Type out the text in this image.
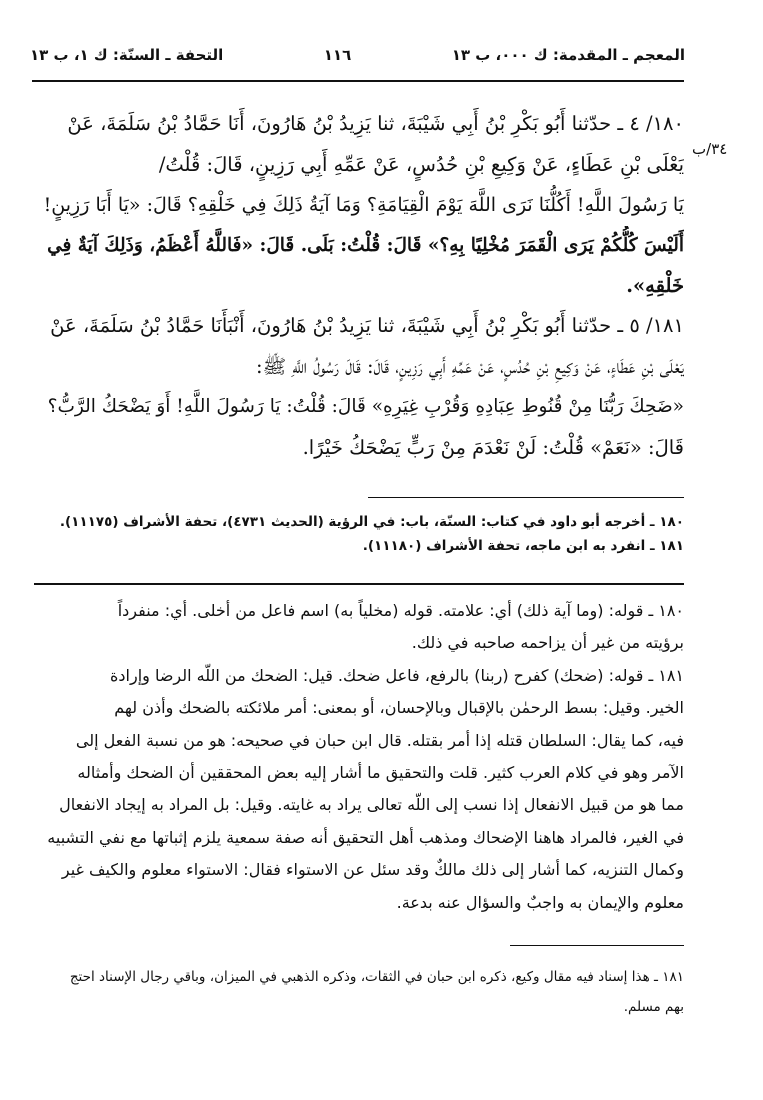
المعجم ـ المقدمة: ك ٠٠٠، ب ١٣
١١٦
التحفة ـ السنّة: ك ١، ب ١٣
٣٤/ب
١٨٠/ ٤ ـ حدّثنا أَبُو بَكْرِ بْنُ أَبِي شَيْبَةَ، ثنا يَزِيدُ بْنُ هَارُونَ، أَنَا حَمَّادُ بْنُ سَلَمَةَ، عَنْ
يَعْلَى بْنِ عَطَاءٍ، عَنْ وَكِيعِ بْنِ حُدُسٍ، عَنْ عَمِّهِ أَبِي رَزِينٍ، قَالَ: قُلْتُ/
يَا رَسُولَ اللَّهِ! أَكُلُّنَا نَرَى اللَّهَ يَوْمَ الْقِيَامَةِ؟ وَمَا آيَةُ ذَلِكَ فِي خَلْقِهِ؟ قَالَ: «يَا أَبَا رَزِينٍ!
أَلَيْسَ كُلُّكُمْ يَرَى الْقَمَرَ مُخْلِيًا بِهِ؟» قَالَ: قُلْتُ: بَلَى. قَالَ: «فَاللَّهُ أَعْظَمُ، وَذَلِكَ آيَةٌ فِي
خَلْقِهِ».
١٨١/ ٥ ـ حدّثنا أَبُو بَكْرِ بْنُ أَبِي شَيْبَةَ، ثنا يَزِيدُ بْنُ هَارُونَ، أَنْبَأَنَا حَمَّادُ بْنُ سَلَمَةَ، عَنْ
يَعْلَى بْنِ عَطَاءٍ، عَنْ وَكِيعِ بْنِ حُدُسٍ، عَنْ عَمِّهِ أَبِي رَزِينٍ، قَالَ: قَالَ رَسُولُ اللَّهِ ﷺ:
«ضَحِكَ رَبُّنَا مِنْ قُنُوطِ عِبَادِهِ وَقُرْبِ غِيَرِهِ» قَالَ: قُلْتُ: يَا رَسُولَ اللَّهِ! أَوَ يَضْحَكُ الرَّبُّ؟
قَالَ: «نَعَمْ» قُلْتُ: لَنْ نَعْدَمَ مِنْ رَبٍّ يَضْحَكُ خَيْرًا.
١٨٠ ـ أخرجه أبو داود في كتاب: السنّة، باب: في الرؤية (الحديث ٤٧٣١)، تحفة الأشراف (١١١٧٥).
١٨١ ـ انفرد به ابن ماجه، تحفة الأشراف (١١١٨٠).
١٨٠ ـ قوله: (وما آية ذلك) أي: علامته. قوله (مخلياً به) اسم فاعل من أخلى. أي: منفرداً
برؤيته من غير أن يزاحمه صاحبه في ذلك.
١٨١ ـ قوله: (ضحك) كفرح (ربنا) بالرفع، فاعل ضحك. قيل: الضحك من اللّه الرضا وإرادة
الخير. وقيل: بسط الرحمٰن بالإقبال وبالإحسان، أو بمعنى: أمر ملائكته بالضحك وأذن لهم
فيه، كما يقال: السلطان قتله إذا أمر بقتله. قال ابن حبان في صحيحه: هو من نسبة الفعل إلى
الآمر وهو في كلام العرب كثير. قلت والتحقيق ما أشار إليه بعض المحققين أن الضحك وأمثاله
مما هو من قبيل الانفعال إذا نسب إلى اللّه تعالى يراد به غايته. وقيل: بل المراد به إيجاد الانفعال
في الغير، فالمراد هاهنا الإضحاك ومذهب أهل التحقيق أنه صفة سمعية يلزم إثباتها مع نفي التشبيه
وكمال التنزيه، كما أشار إلى ذلك مالكٌ وقد سئل عن الاستواء فقال: الاستواء معلوم والكيف غير
معلوم والإيمان به واجبٌ والسؤال عنه بدعة.
١٨١ ـ هذا إسناد فيه مقال وكيع، ذكره ابن حبان في الثقات، وذكره الذهبي في الميزان، وباقي رجال الإسناد احتج
بهم مسلم.
